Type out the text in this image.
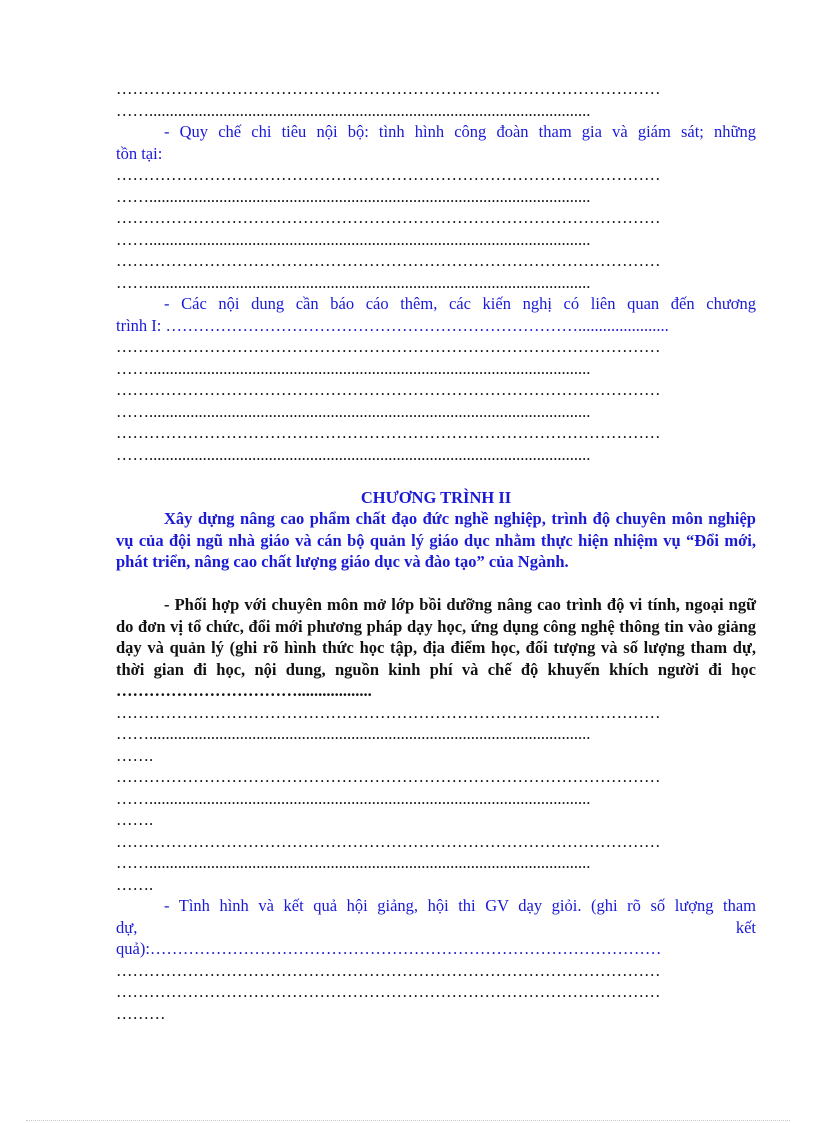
………………………………………………………………………………………
……...........................................................................................................
- Quy chế chi tiêu nội bộ: tình hình công đoàn tham gia và giám sát; những
tồn tại:
………………………………………………………………………………………
……...........................................................................................................
………………………………………………………………………………………
……...........................................................................................................
………………………………………………………………………………………
……...........................................................................................................
- Các nội dung cần báo cáo thêm, các kiến nghị có liên quan đến chương
trình I: …………………………………………………………………......................
………………………………………………………………………………………
……...........................................................................................................
………………………………………………………………………………………
……...........................................................................................................
………………………………………………………………………………………
……...........................................................................................................
CHƯƠNG TRÌNH II
Xây dựng nâng cao phẩm chất đạo đức nghề nghiệp, trình độ chuyên môn nghiệp vụ của đội ngũ nhà giáo và cán bộ quản lý giáo dục nhằm thực hiện nhiệm vụ “Đổi mới, phát triển, nâng cao chất lượng giáo dục và đào tạo” của Ngành.
- Phối hợp với chuyên môn mở lớp bồi dưỡng nâng cao trình độ vi tính, ngoại ngữ do đơn vị tổ chức, đổi mới phương pháp dạy học, ứng dụng công nghệ thông tin vào giảng dạy và quản lý (ghi rõ hình thức học tập, địa điểm học, đối tượng và số lượng tham dự, thời gian đi học, nội dung, nguồn kinh phí và chế độ khuyến khích người đi học ……………………………..................
………………………………………………………………………………………
……...........................................................................................................
…….
………………………………………………………………………………………
……...........................................................................................................
…….
………………………………………………………………………………………
……...........................................................................................................
…….
- Tình hình và kết quả hội giảng, hội thi GV dạy giỏi. (ghi rõ số lượng tham
dự, kết
quả):…………………………………………………………………………………
………………………………………………………………………………………
………………………………………………………………………………………
………
